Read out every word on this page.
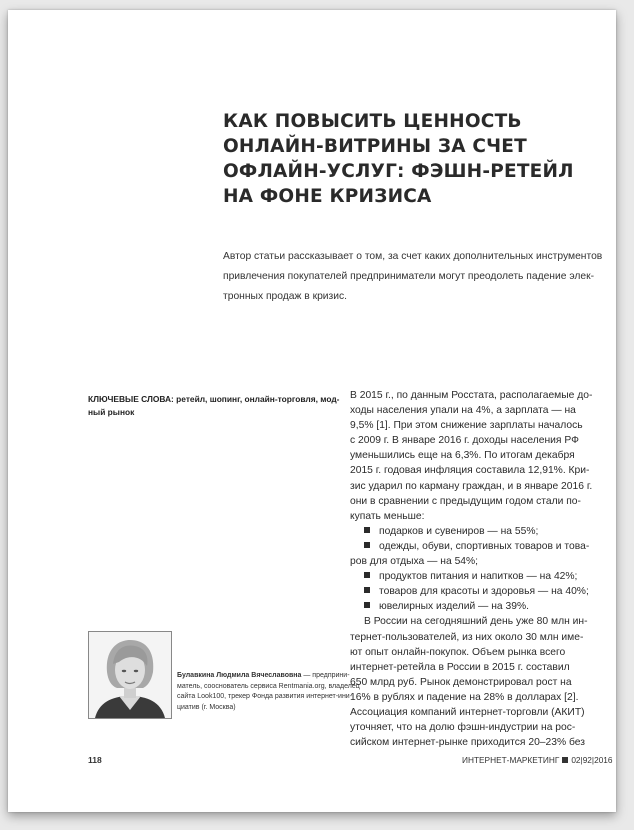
КАК ПОВЫСИТЬ ЦЕННОСТЬ
ОНЛАЙН-ВИТРИНЫ ЗА СЧЕТ
ОФЛАЙН-УСЛУГ: ФЭШН-РЕТЕЙЛ
НА ФОНЕ КРИЗИСА

Автор статьи рассказывает о том, за счет каких дополнительных инструментов
привлечения покупателей предприниматели могут преодолеть падение элек-
тронных продаж в кризис.

КЛЮЧЕВЫЕ СЛОВА: ретейл, шопинг, онлайн-торговля, мод-
ный рынок

Булавкина Людмила Вячеславовна — предприни-
матель, сооснователь сервиса Rentmania.org, владелец
сайта Look100, трекер Фонда развития интернет-ини-
циатив (г. Москва)

В 2015 г., по данным Росстата, располагаемые до-
ходы населения упали на 4%, а зарплата — на
9,5% [1]. При этом снижение зарплаты началось
с 2009 г. В январе 2016 г. доходы населения РФ
уменьшились еще на 6,3%. По итогам декабря
2015 г. годовая инфляция составила 12,91%. Кри-
зис ударил по карману граждан, и в январе 2016 г.
они в сравнении с предыдущим годом стали по-
купать меньше:
подарков и сувениров — на 55%;
одежды, обуви, спортивных товаров и това-
ров для отдыха — на 54%;
продуктов питания и напитков — на 42%;
товаров для красоты и здоровья — на 40%;
ювелирных изделий — на 39%.
В России на сегодняшний день уже 80 млн ин-
тернет-пользователей, из них около 30 млн име-
ют опыт онлайн-покупок. Объем рынка всего
интернет-ретейла в России в 2015 г. составил
650 млрд руб. Рынок демонстрировал рост на
16% в рублях и падение на 28% в долларах [2].
Ассоциация компаний интернет-торговли (АКИТ)
уточняет, что на долю фэшн-индустрии на рос-
сийском интернет-рынке приходится 20–23% без
118	ИНТЕРНЕТ-МАРКЕТИНГ 02|92|2016
